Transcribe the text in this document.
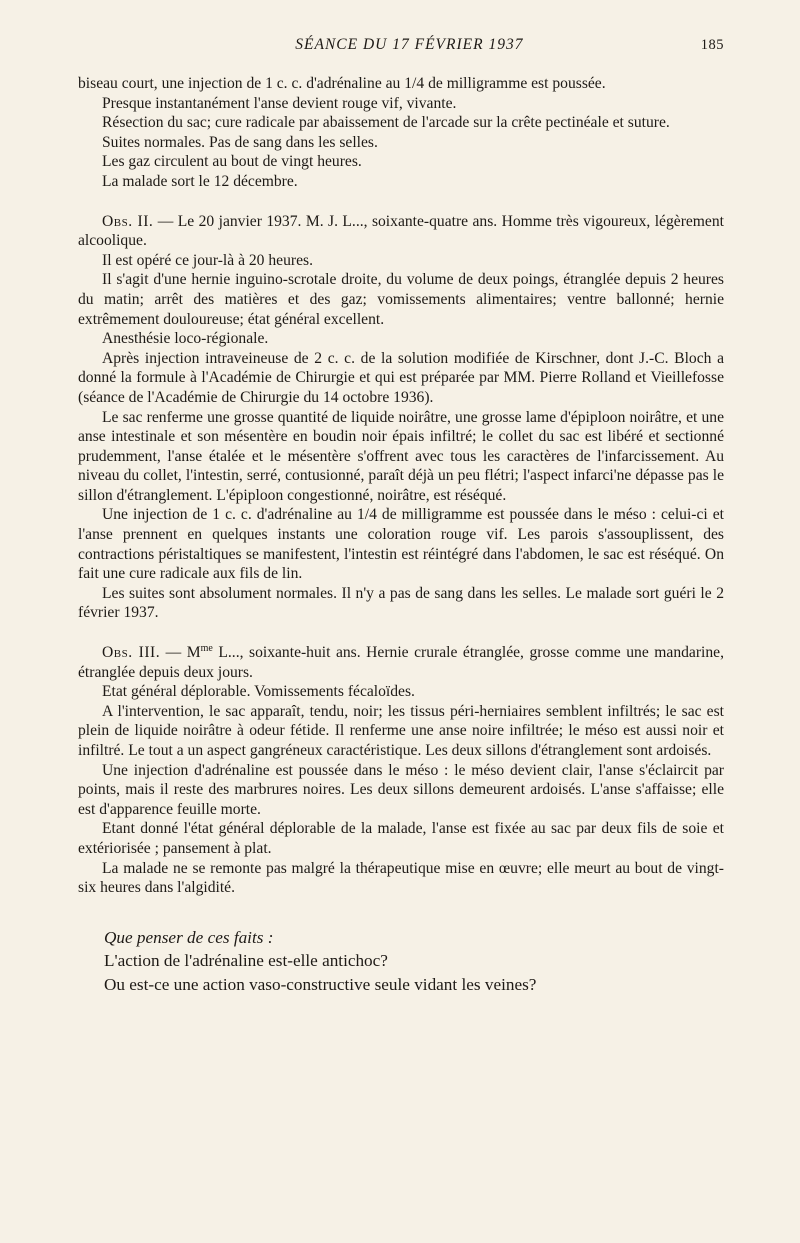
SÉANCE DU 17 FÉVRIER 1937	185

biseau court, une injection de 1 c. c. d'adrénaline au 1/4 de milligramme est poussée.

Presque instantanément l'anse devient rouge vif, vivante.

Résection du sac; cure radicale par abaissement de l'arcade sur la crête pectinéale et suture.

Suites normales. Pas de sang dans les selles.

Les gaz circulent au bout de vingt heures.

La malade sort le 12 décembre.

Obs. II. — Le 20 janvier 1937. M. J. L..., soixante-quatre ans. Homme très vigoureux, légèrement alcoolique.

Il est opéré ce jour-là à 20 heures.

Il s'agit d'une hernie inguino-scrotale droite, du volume de deux poings, étranglée depuis 2 heures du matin; arrêt des matières et des gaz; vomissements alimentaires; ventre ballonné; hernie extrêmement douloureuse; état général excellent.

Anesthésie loco-régionale.

Après injection intraveineuse de 2 c. c. de la solution modifiée de Kirschner, dont J.-C. Bloch a donné la formule à l'Académie de Chirurgie et qui est préparée par MM. Pierre Rolland et Vieillefosse (séance de l'Académie de Chirurgie du 14 octobre 1936).

Le sac renferme une grosse quantité de liquide noirâtre, une grosse lame d'épiploon noirâtre, et une anse intestinale et son mésentère en boudin noir épais infiltré; le collet du sac est libéré et sectionné prudemment, l'anse étalée et le mésentère s'offrent avec tous les caractères de l'infarcissement. Au niveau du collet, l'intestin, serré, contusionné, paraît déjà un peu flétri; l'aspect infarci'ne dépasse pas le sillon d'étranglement. L'épiploon congestionné, noirâtre, est réséqué.

Une injection de 1 c. c. d'adrénaline au 1/4 de milligramme est poussée dans le méso : celui-ci et l'anse prennent en quelques instants une coloration rouge vif. Les parois s'assouplissent, des contractions péristaltiques se manifestent, l'intestin est réintégré dans l'abdomen, le sac est réséqué. On fait une cure radicale aux fils de lin.

Les suites sont absolument normales. Il n'y a pas de sang dans les selles. Le malade sort guéri le 2 février 1937.

Obs. III. — $M^{me}$ L..., soixante-huit ans. Hernie crurale étranglée, grosse comme une mandarine, étranglée depuis deux jours.

Etat général déplorable. Vomissements fécaloïdes.

A l'intervention, le sac apparaît, tendu, noir; les tissus péri-herniaires semblent infiltrés; le sac est plein de liquide noirâtre à odeur fétide. Il renferme une anse noire infiltrée; le méso est aussi noir et infiltré. Le tout a un aspect gangréneux caractéristique. Les deux sillons d'étranglement sont ardoisés.

Une injection d'adrénaline est poussée dans le méso : le méso devient clair, l'anse s'éclaircit par points, mais il reste des marbrures noires. Les deux sillons demeurent ardoisés. L'anse s'affaisse; elle est d'apparence feuille morte.

Etant donné l'état général déplorable de la malade, l'anse est fixée au sac par deux fils de soie et extériorisée ; pansement à plat.

La malade ne se remonte pas malgré la thérapeutique mise en œuvre; elle meurt au bout de vingt-six heures dans l'algidité.

Que penser de ces faits :
L'action de l'adrénaline est-elle antichoc?
Ou est-ce une action vaso-constructive seule vidant les veines?
